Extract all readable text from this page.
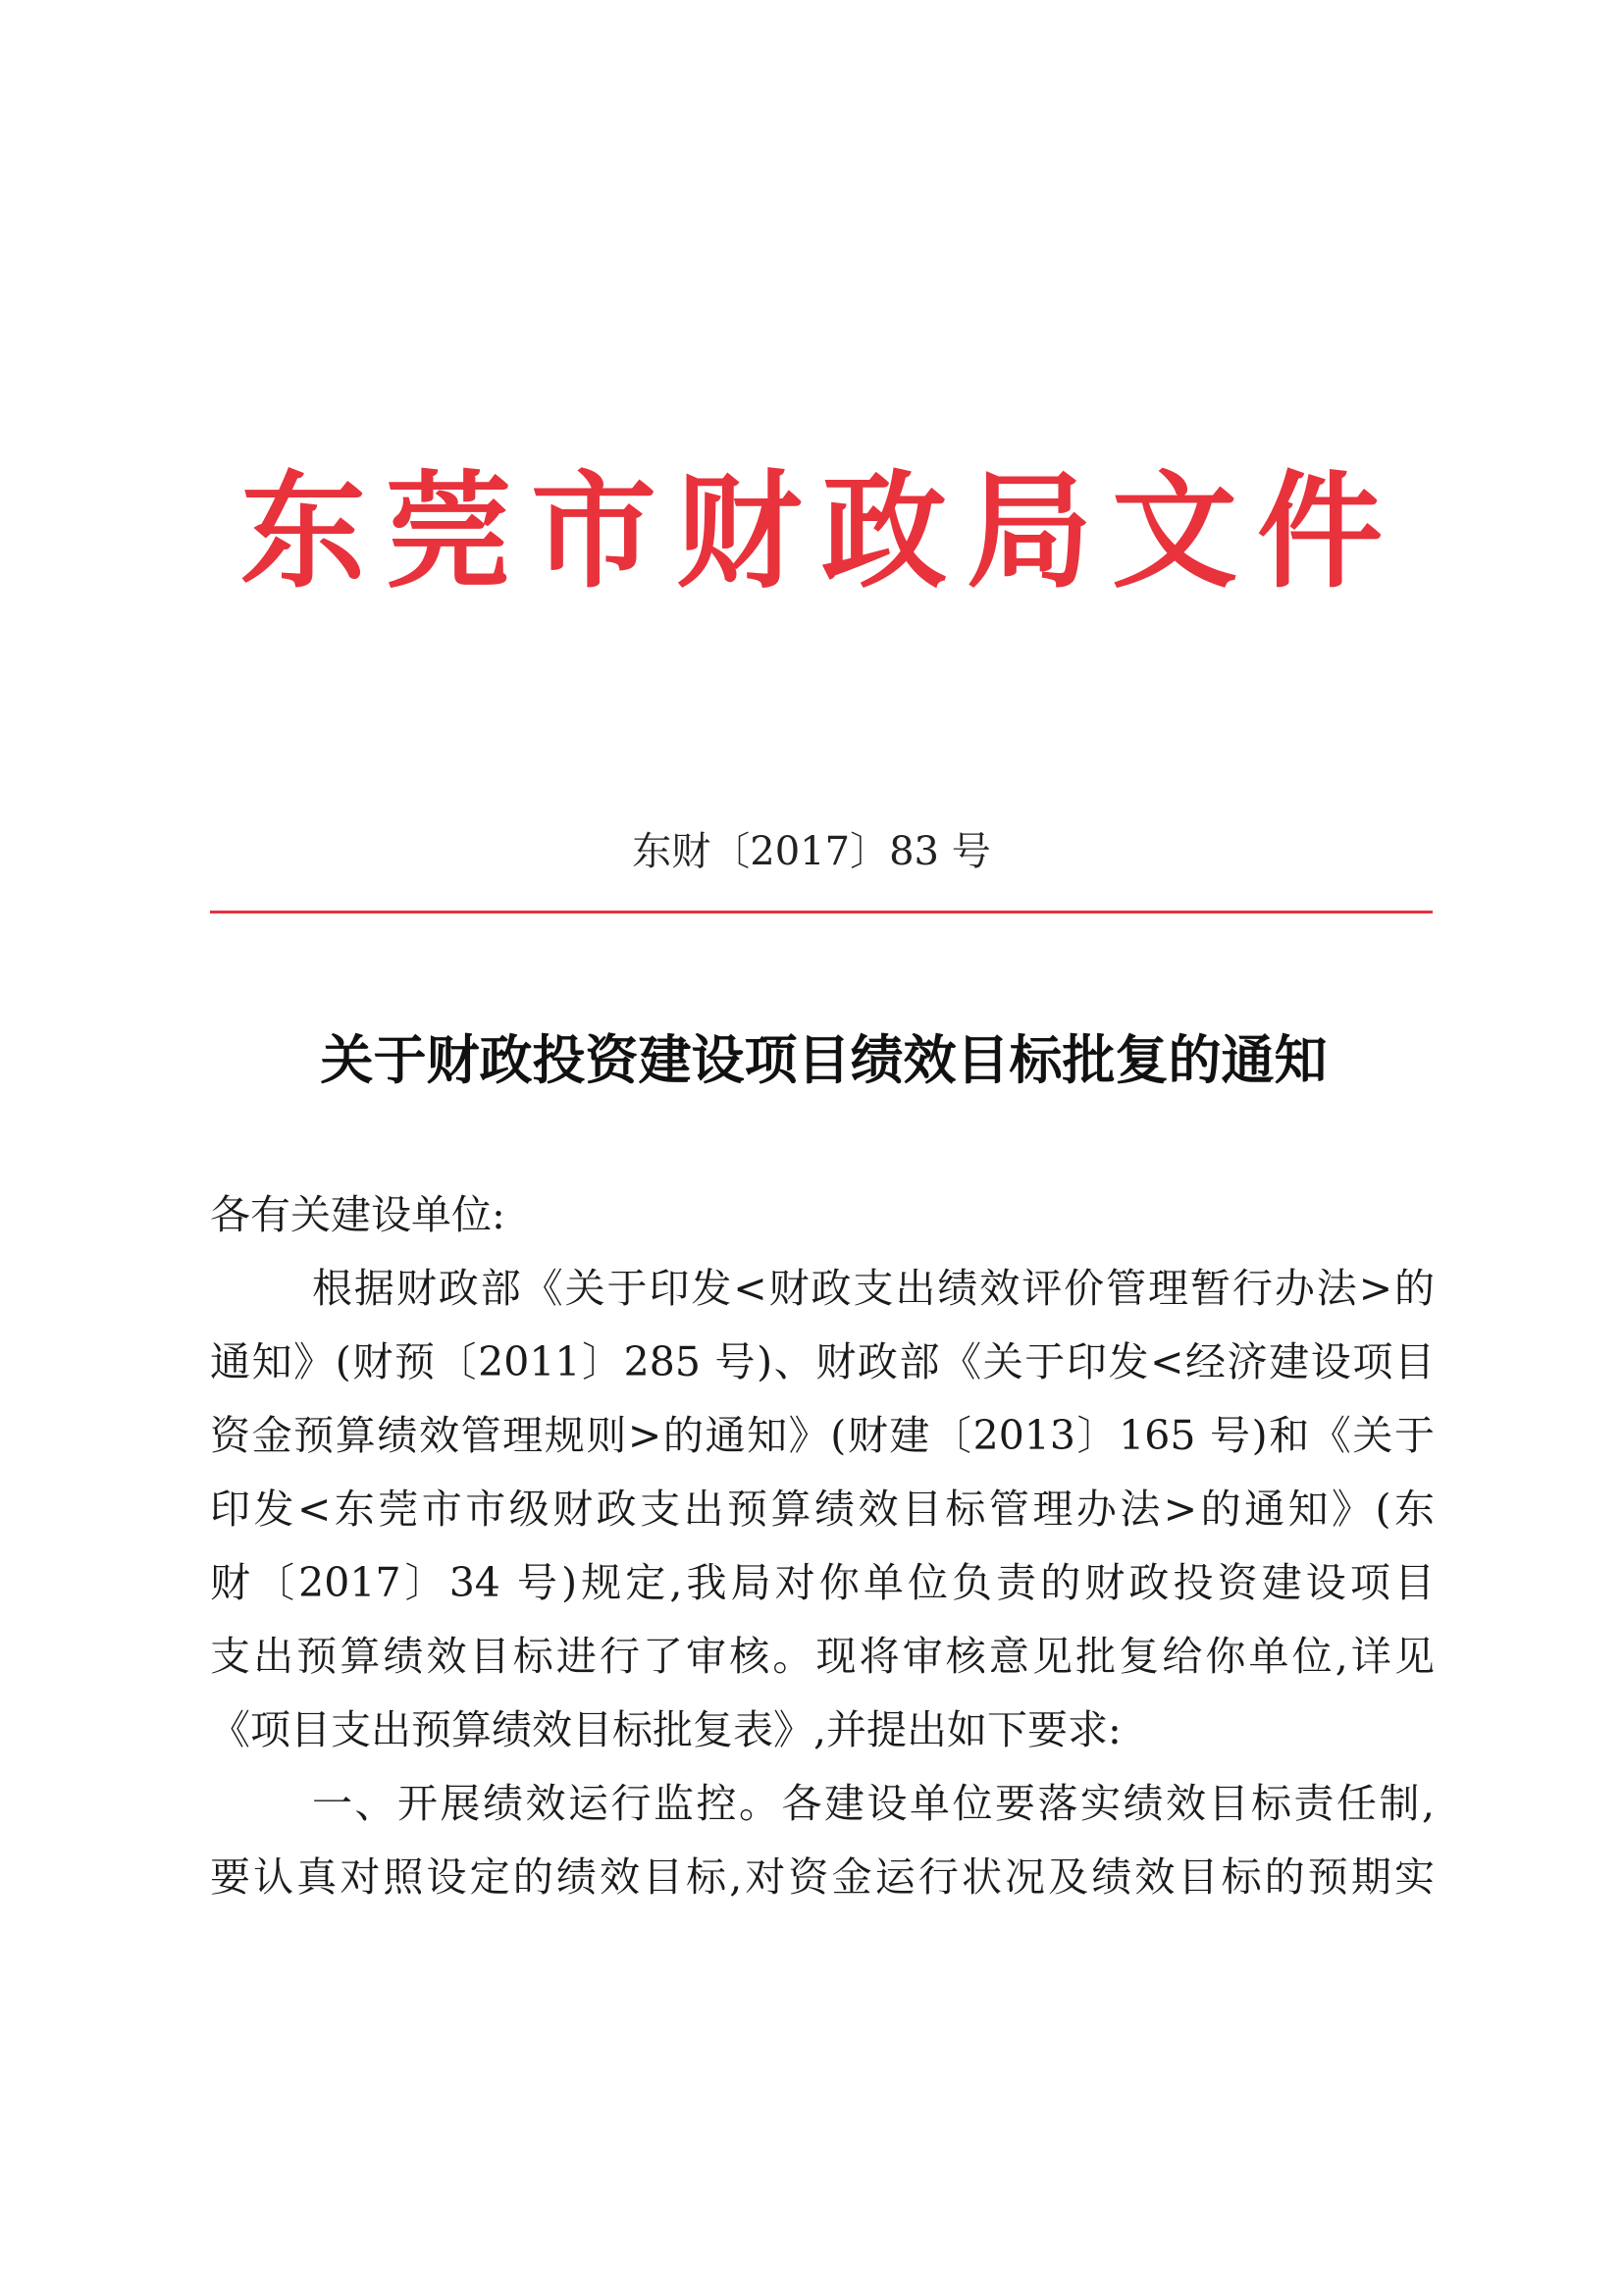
东莞市财政局文件
东财〔2017〕83 号
关于财政投资建设项目绩效目标批复的通知
各有关建设单位:
根据财政部《关于印发<财政支出绩效评价管理暂行办法>的
通知》(财预〔2011〕285 号)、财政部《关于印发<经济建设项目
资金预算绩效管理规则>的通知》(财建〔2013〕165 号)和《关于
印发<东莞市市级财政支出预算绩效目标管理办法>的通知》(东
财〔2017〕34 号)规定,我局对你单位负责的财政投资建设项目
支出预算绩效目标进行了审核。现将审核意见批复给你单位,详见
《项目支出预算绩效目标批复表》,并提出如下要求:
一、开展绩效运行监控。各建设单位要落实绩效目标责任制,
要认真对照设定的绩效目标,对资金运行状况及绩效目标的预期实
